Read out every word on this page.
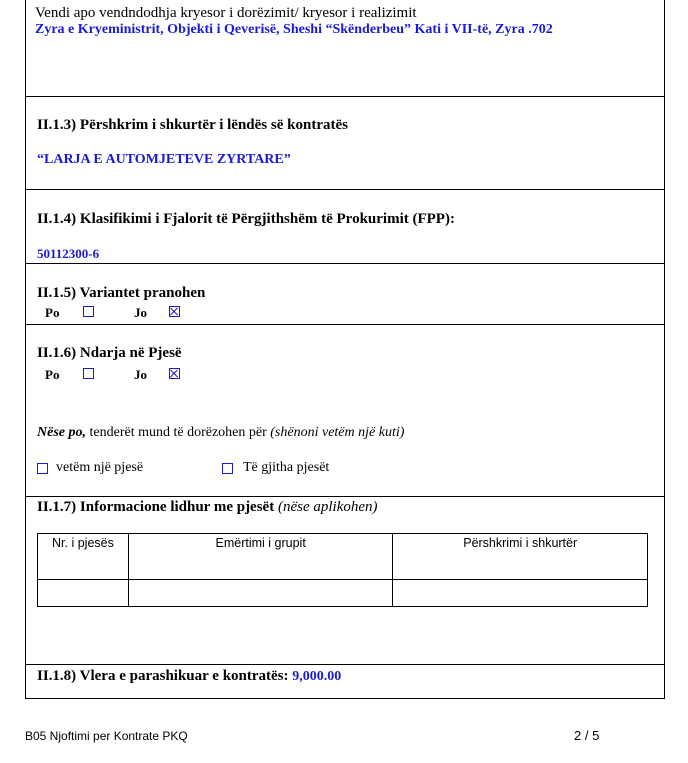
Vendi apo vendndodhja kryesor i dorëzimit/ kryesor i realizimit
Zyra e Kryeministrit, Objekti i Qeverisë, Sheshi “Skënderbeu” Kati i VII-të, Zyra .702
II.1.3) Përshkrim i shkurtër i lëndës së kontratës
“LARJA E AUTOMJETEVE ZYRTARE”
II.1.4) Klasifikimi i Fjalorit të Përgjithshëm të Prokurimit (FPP):
50112300-6
II.1.5) Variantet pranohen
Po	Jo
II.1.6) Ndarja në Pjesë
Po	Jo
Nëse po, tenderët mund të dorëzohen për (shënoni vetëm një kuti)
vetëm një pjesë	Të gjitha pjesët
II.1.7) Informacione lidhur me pjesët (nëse aplikohen)
Nr. i pjesës	Emërtimi i grupit	Përshkrimi i shkurtër

II.1.8) Vlera e parashikuar e kontratës: 9,000.00
B05 Njoftimi per Kontrate PKQ	2 / 5
